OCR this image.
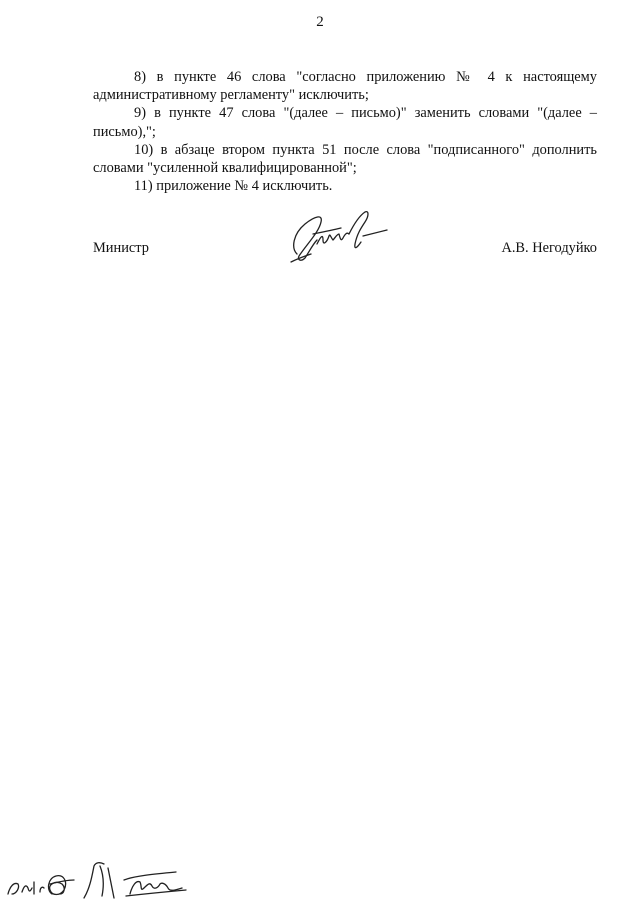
2

8) в пункте 46 слова "согласно приложению № 4 к настоящему административному регламенту" исключить;

9) в пункте 47 слова "(далее – письмо)" заменить словами "(далее – письмо),";

10) в абзаце втором пункта 51 после слова "подписанного" дополнить словами "усиленной квалифицированной";

11) приложение № 4 исключить.

Министр	А.В. Негодуйко
